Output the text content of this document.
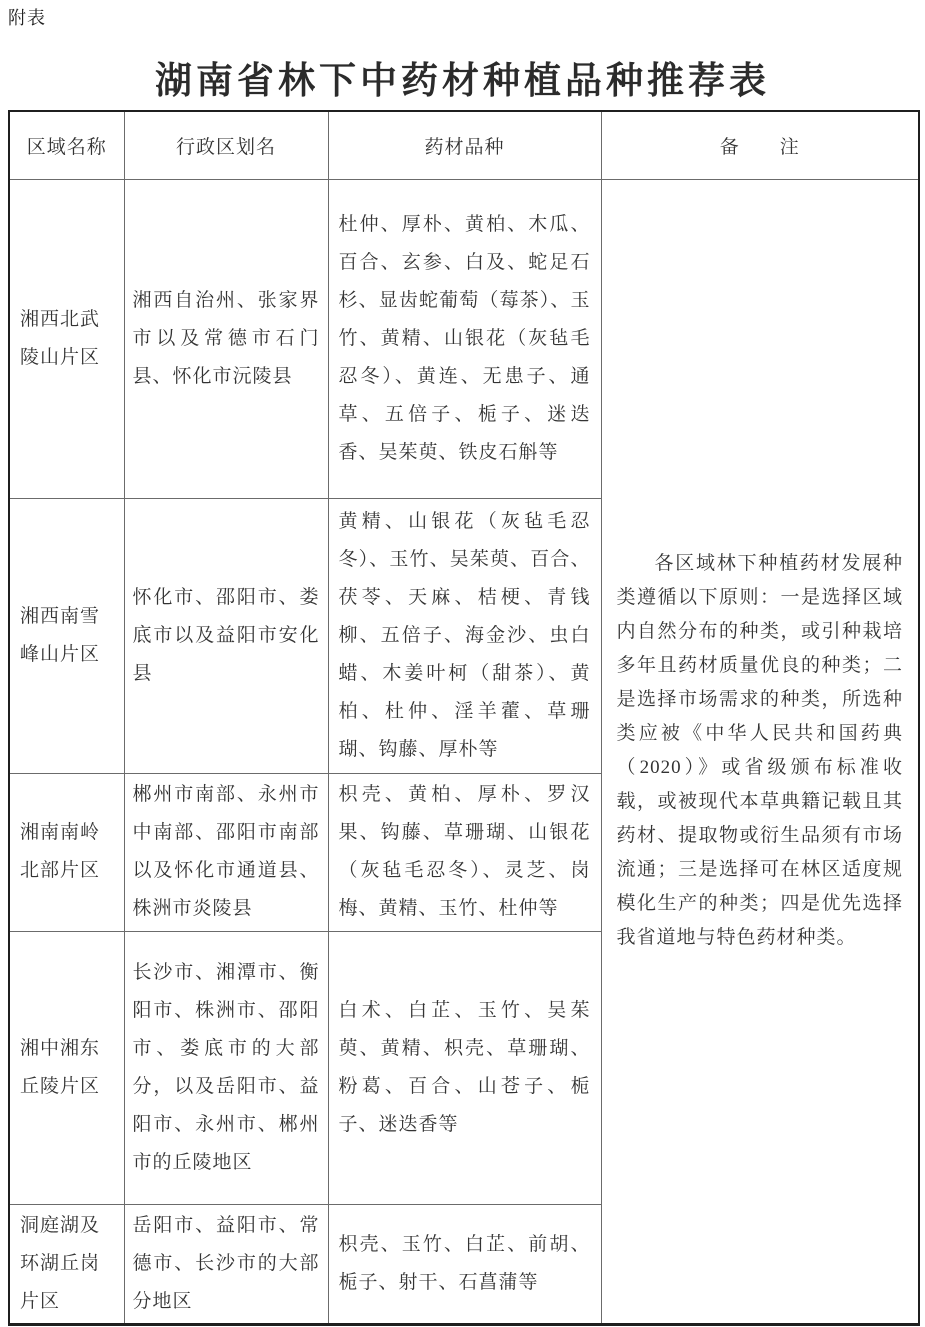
附表
湖南省林下中药材种植品种推荐表
区域名称	行政区划名	药材品种	备　　注
湘西北武陵山片区	湘西自治州、张家界市以及常德市石门县、怀化市沅陵县	杜仲、厚朴、黄柏、木瓜、百合、玄参、白及、蛇足石杉、显齿蛇葡萄（莓茶）、玉竹、黄精、山银花（灰毡毛忍冬）、黄连、无患子、通草、五倍子、栀子、迷迭香、吴茱萸、铁皮石斛等	各区域林下种植药材发展种类遵循以下原则：一是选择区域内自然分布的种类，或引种栽培多年且药材质量优良的种类；二是选择市场需求的种类，所选种类应被《中华人民共和国药典（2020）》或省级颁布标准收载，或被现代本草典籍记载且其药材、提取物或衍生品须有市场流通；三是选择可在林区适度规模化生产的种类；四是优先选择我省道地与特色药材种类。

湘西南雪峰山片区	怀化市、邵阳市、娄底市以及益阳市安化县	黄精、山银花（灰毡毛忍冬）、玉竹、吴茱萸、百合、茯苓、天麻、桔梗、青钱柳、五倍子、海金沙、虫白蜡、木姜叶柯（甜茶）、黄柏、杜仲、淫羊藿、草珊瑚、钩藤、厚朴等	
湘南南岭北部片区	郴州市南部、永州市中南部、邵阳市南部以及怀化市通道县、株洲市炎陵县	枳壳、黄柏、厚朴、罗汉果、钩藤、草珊瑚、山银花（灰毡毛忍冬）、灵芝、岗梅、黄精、玉竹、杜仲等	
湘中湘东丘陵片区	长沙市、湘潭市、衡阳市、株洲市、邵阳市、娄底市的大部分，以及岳阳市、益阳市、永州市、郴州市的丘陵地区	白术、白芷、玉竹、吴茱萸、黄精、枳壳、草珊瑚、粉葛、百合、山苍子、栀子、迷迭香等	
洞庭湖及环湖丘岗片区	岳阳市、益阳市、常德市、长沙市的大部分地区	枳壳、玉竹、白芷、前胡、栀子、射干、石菖蒲等	
